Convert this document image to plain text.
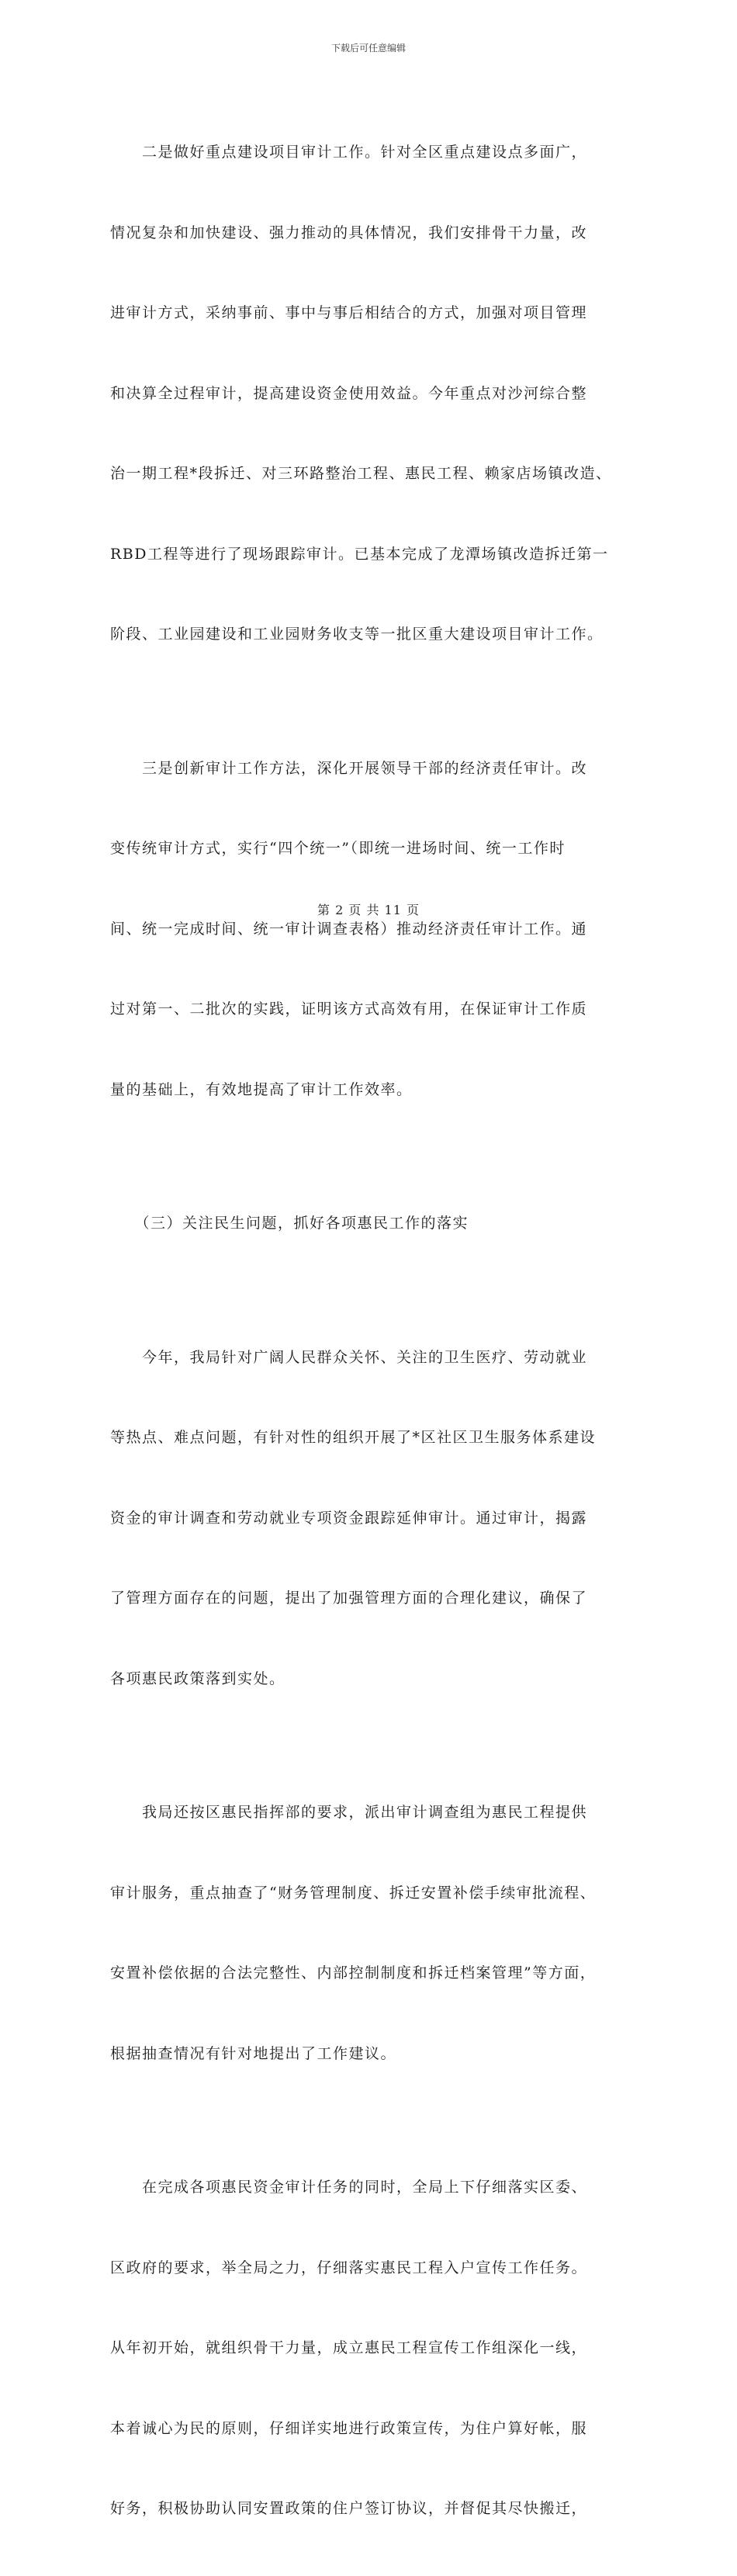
下载后可任意编辑

　　二是做好重点建设项目审计工作。针对全区重点建设点多面广，

情况复杂和加快建设、强力推动的具体情况，我们安排骨干力量，改

进审计方式，采纳事前、事中与事后相结合的方式，加强对项目管理

和决算全过程审计，提高建设资金使用效益。今年重点对沙河综合整

治一期工程*段拆迁、对三环路整治工程、惠民工程、赖家店场镇改造、

RBD工程等进行了现场跟踪审计。已基本完成了龙潭场镇改造拆迁第一

阶段、工业园建设和工业园财务收支等一批区重大建设项目审计工作。

　　三是创新审计工作方法，深化开展领导干部的经济责任审计。改

变传统审计方式，实行“四个统一”（即统一进场时间、统一工作时

间、统一完成时间、统一审计调查表格）推动经济责任审计工作。通

过对第一、二批次的实践，证明该方式高效有用，在保证审计工作质

量的基础上，有效地提高了审计工作效率。

　　（三）关注民生问题，抓好各项惠民工作的落实

　　今年，我局针对广阔人民群众关怀、关注的卫生医疗、劳动就业

等热点、难点问题，有针对性的组织开展了*区社区卫生服务体系建设

资金的审计调查和劳动就业专项资金跟踪延伸审计。通过审计，揭露

了管理方面存在的问题，提出了加强管理方面的合理化建议，确保了

各项惠民政策落到实处。

　　我局还按区惠民指挥部的要求，派出审计调查组为惠民工程提供

审计服务，重点抽查了“财务管理制度、拆迁安置补偿手续审批流程、

安置补偿依据的合法完整性、内部控制制度和拆迁档案管理”等方面，

根据抽查情况有针对地提出了工作建议。

　　在完成各项惠民资金审计任务的同时，全局上下仔细落实区委、

区政府的要求，举全局之力，仔细落实惠民工程入户宣传工作任务。

从年初开始，就组织骨干力量，成立惠民工程宣传工作组深化一线，

本着诚心为民的原则，仔细详实地进行政策宣传，为住户算好帐，服

好务，积极协助认同安置政策的住户签订协议，并督促其尽快搬迁，

第 2 页 共 11 页
